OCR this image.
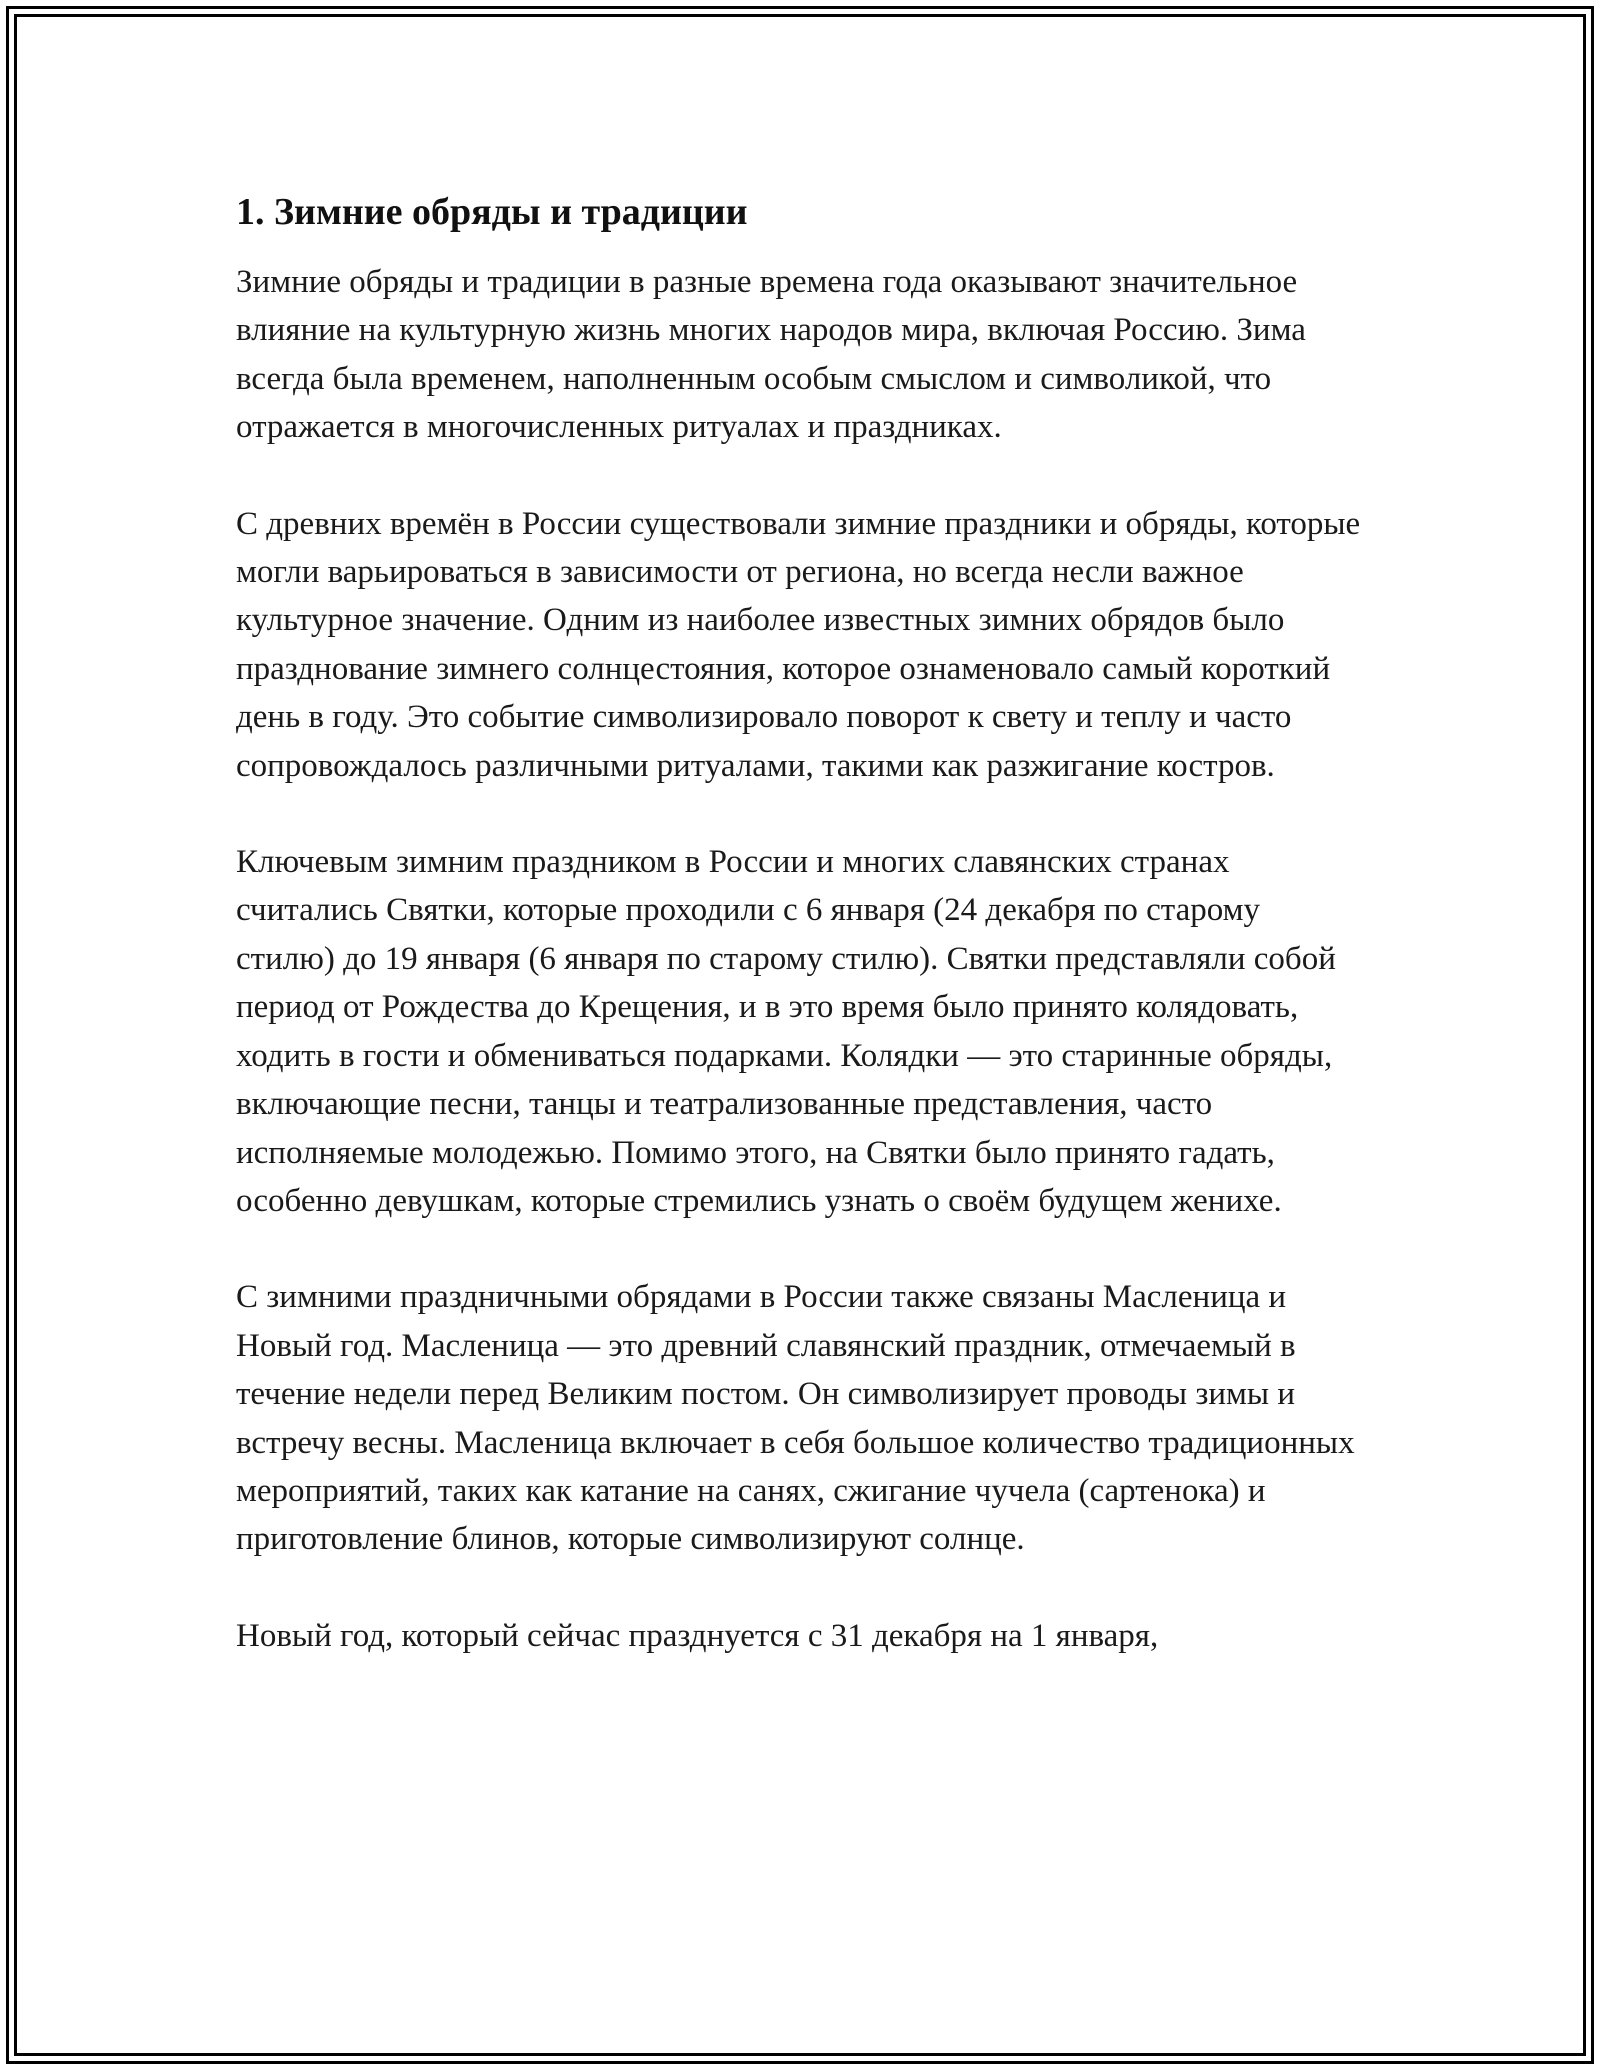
1. Зимние обряды и традиции

Зимние обряды и традиции в разные времена года оказывают значительное влияние на культурную жизнь многих народов мира, включая Россию. Зима всегда была временем, наполненным особым смыслом и символикой, что отражается в многочисленных ритуалах и праздниках.

С древних времён в России существовали зимние праздники и обряды, которые могли варьироваться в зависимости от региона, но всегда несли важное культурное значение. Одним из наиболее известных зимних обрядов было празднование зимнего солнцестояния, которое ознаменовало самый короткий день в году. Это событие символизировало поворот к свету и теплу и часто сопровождалось различными ритуалами, такими как разжигание костров.

Ключевым зимним праздником в России и многих славянских странах считались Святки, которые проходили с 6 января (24 декабря по старому стилю) до 19 января (6 января по старому стилю). Святки представляли собой период от Рождества до Крещения, и в это время было принято колядовать, ходить в гости и обмениваться подарками. Колядки — это старинные обряды, включающие песни, танцы и театрализованные представления, часто исполняемые молодежью. Помимо этого, на Святки было принято гадать, особенно девушкам, которые стремились узнать о своём будущем женихе.

С зимними праздничными обрядами в России также связаны Масленица и Новый год. Масленица — это древний славянский праздник, отмечаемый в течение недели перед Великим постом. Он символизирует проводы зимы и встречу весны. Масленица включает в себя большое количество традиционных мероприятий, таких как катание на санях, сжигание чучела (сартенока) и приготовление блинов, которые символизируют солнце.

Новый год, который сейчас празднуется с 31 декабря на 1 января,
